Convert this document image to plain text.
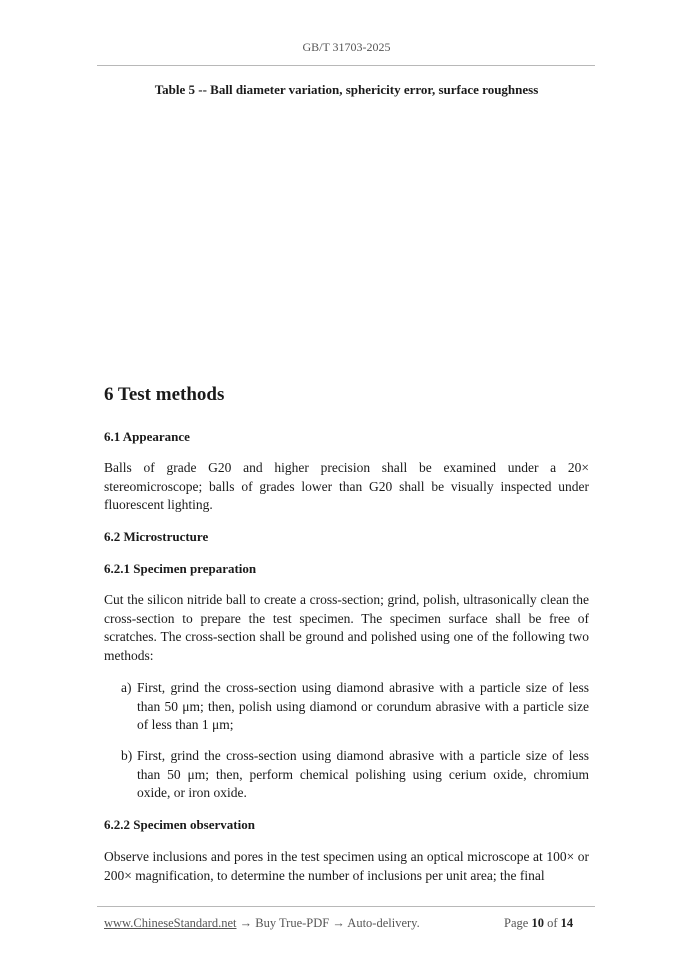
GB/T 31703-2025
Table 5 -- Ball diameter variation, sphericity error, surface roughness
6 Test methods
6.1 Appearance
Balls of grade G20 and higher precision shall be examined under a 20× stereomicroscope; balls of grades lower than G20 shall be visually inspected under fluorescent lighting.
6.2 Microstructure
6.2.1 Specimen preparation
Cut the silicon nitride ball to create a cross-section; grind, polish, ultrasonically clean the cross-section to prepare the test specimen. The specimen surface shall be free of scratches. The cross-section shall be ground and polished using one of the following two methods:
a) First, grind the cross-section using diamond abrasive with a particle size of less than 50 μm; then, polish using diamond or corundum abrasive with a particle size of less than 1 μm;
b) First, grind the cross-section using diamond abrasive with a particle size of less than 50 μm; then, perform chemical polishing using cerium oxide, chromium oxide, or iron oxide.
6.2.2 Specimen observation
Observe inclusions and pores in the test specimen using an optical microscope at 100× or 200× magnification, to determine the number of inclusions per unit area; the final
www.ChineseStandard.net → Buy True-PDF → Auto-delivery.	Page 10 of 14
